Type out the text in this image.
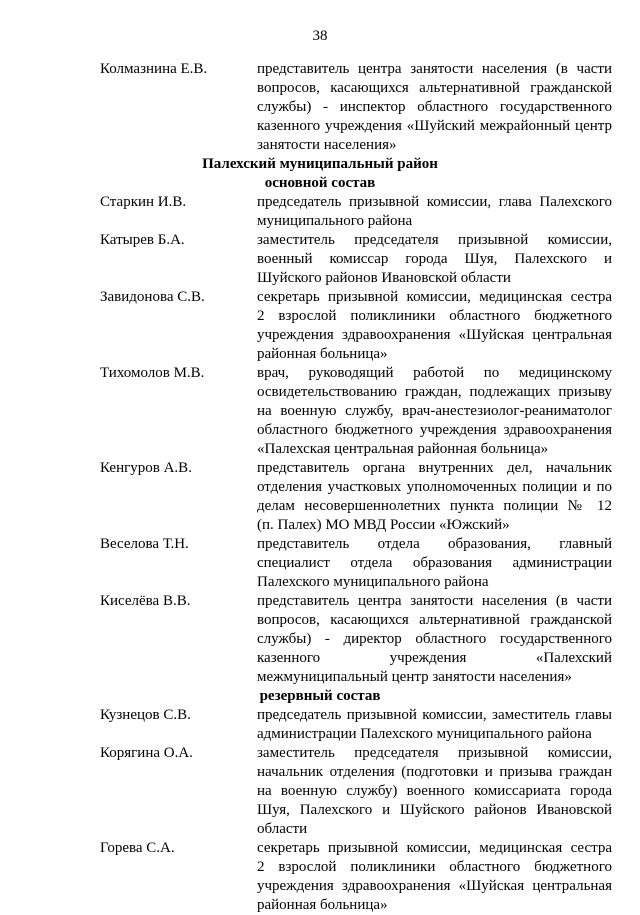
38
Колмазнина Е.В.	представитель центра занятости населения (в части
вопросов, касающихся альтернативной гражданской
службы) - инспектор областного государственного
казенного учреждения «Шуйский межрайонный центр
занятости населения»
Палехский муниципальный район
основной состав
Старкин И.В.	председатель призывной комиссии, глава Палехского
муниципального района
Катырев Б.А.	заместитель председателя призывной комиссии,
военный комиссар города Шуя, Палехского и
Шуйского районов Ивановской области
Завидонова С.В.	секретарь призывной комиссии, медицинская сестра
2 взрослой поликлиники областного бюджетного
учреждения здравоохранения «Шуйская центральная
районная больница»
Тихомолов М.В.	врач, руководящий работой по медицинскому
освидетельствованию граждан, подлежащих призыву
на военную службу, врач-анестезиолог-реаниматолог
областного бюджетного учреждения здравоохранения
«Палехская центральная районная больница»
Кенгуров А.В.	представитель органа внутренних дел, начальник
отделения участковых уполномоченных полиции и по
делам несовершеннолетних пункта полиции № 12
(п. Палех) МО МВД России «Южский»
Веселова Т.Н.	представитель отдела образования, главный
специалист отдела образования администрации
Палехского муниципального района
Киселёва В.В.	представитель центра занятости населения (в части
вопросов, касающихся альтернативной гражданской
службы) - директор областного государственного
казенного учреждения «Палехский
межмуниципальный центр занятости населения»
резервный состав
Кузнецов С.В.	председатель призывной комиссии, заместитель главы
администрации Палехского муниципального района
Корягина О.А.	заместитель председателя призывной комиссии,
начальник отделения (подготовки и призыва граждан
на военную службу) военного комиссариата города
Шуя, Палехского и Шуйского районов Ивановской
области
Горева С.А.	секретарь призывной комиссии, медицинская сестра
2 взрослой поликлиники областного бюджетного
учреждения здравоохранения «Шуйская центральная
районная больница»
